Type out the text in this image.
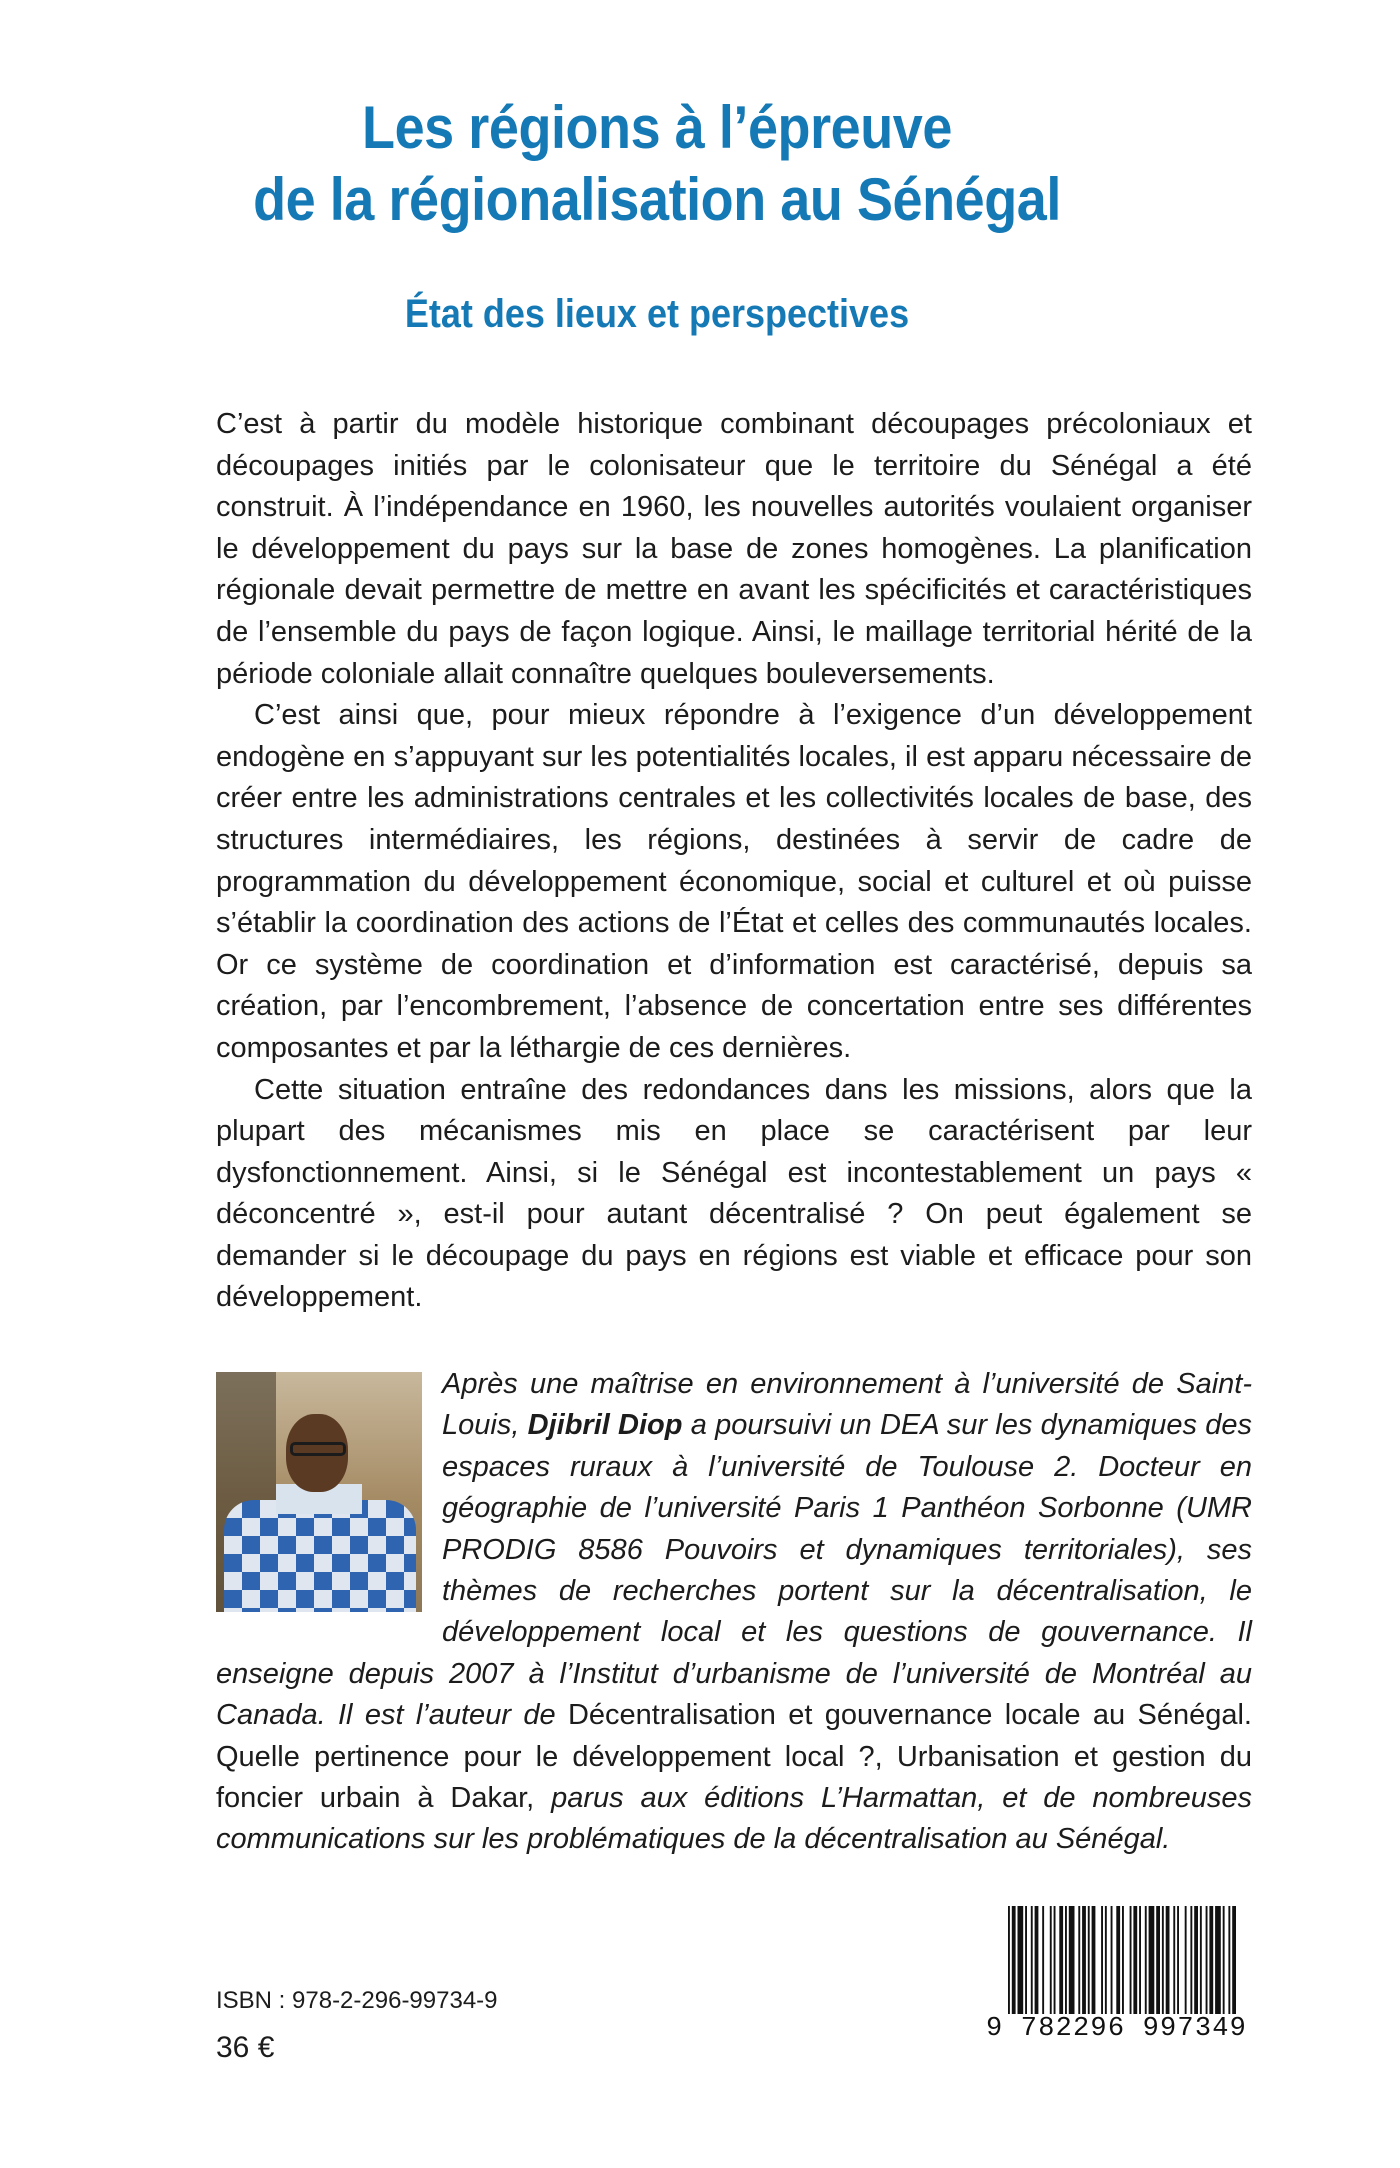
Les régions à l’épreuve
de la régionalisation au Sénégal
État des lieux et perspectives

C’est à partir du modèle historique combinant découpages précoloniaux et découpages initiés par le colonisateur que le territoire du Sénégal a été construit. À l’indépendance en 1960, les nouvelles autorités voulaient organiser le développement du pays sur la base de zones homogènes. La planification régionale devait permettre de mettre en avant les spécificités et caractéristiques de l’ensemble du pays de façon logique. Ainsi, le maillage territorial hérité de la période coloniale allait connaître quelques bouleversements.

C’est ainsi que, pour mieux répondre à l’exigence d’un développement endogène en s’appuyant sur les potentialités locales, il est apparu nécessaire de créer entre les administrations centrales et les collectivités locales de base, des structures intermédiaires, les régions, destinées à servir de cadre de programmation du développement économique, social et culturel et où puisse s’établir la coordination des actions de l’État et celles des communautés locales. Or ce système de coordination et d’information est caractérisé, depuis sa création, par l’encombrement, l’absence de concertation entre ses différentes composantes et par la léthargie de ces dernières.

Cette situation entraîne des redondances dans les missions, alors que la plupart des mécanismes mis en place se caractérisent par leur dysfonctionnement. Ainsi, si le Sénégal est incontestablement un pays « déconcentré », est-il pour autant décentralisé ? On peut également se demander si le découpage du pays en régions est viable et efficace pour son développement.

Après une maîtrise en environnement à l’université de Saint-Louis, Djibril Diop a poursuivi un DEA sur les dynamiques des espaces ruraux à l’université de Toulouse 2. Docteur en géographie de l’université Paris 1 Panthéon Sorbonne (UMR PRODIG 8586 Pouvoirs et dynamiques territoriales), ses thèmes de recherches portent sur la décentralisation, le développement local et les questions de gouvernance. Il enseigne depuis 2007 à l’Institut d’urbanisme de l’université de Montréal au Canada. Il est l’auteur de Décentralisation et gouvernance locale au Sénégal. Quelle pertinence pour le développement local ?, Urbanisation et gestion du foncier urbain à Dakar, parus aux éditions L’Harmattan, et de nombreuses communications sur les problématiques de la décentralisation au Sénégal.
ISBN : 978-2-296-99734-9
36 €
9 782296 997349
